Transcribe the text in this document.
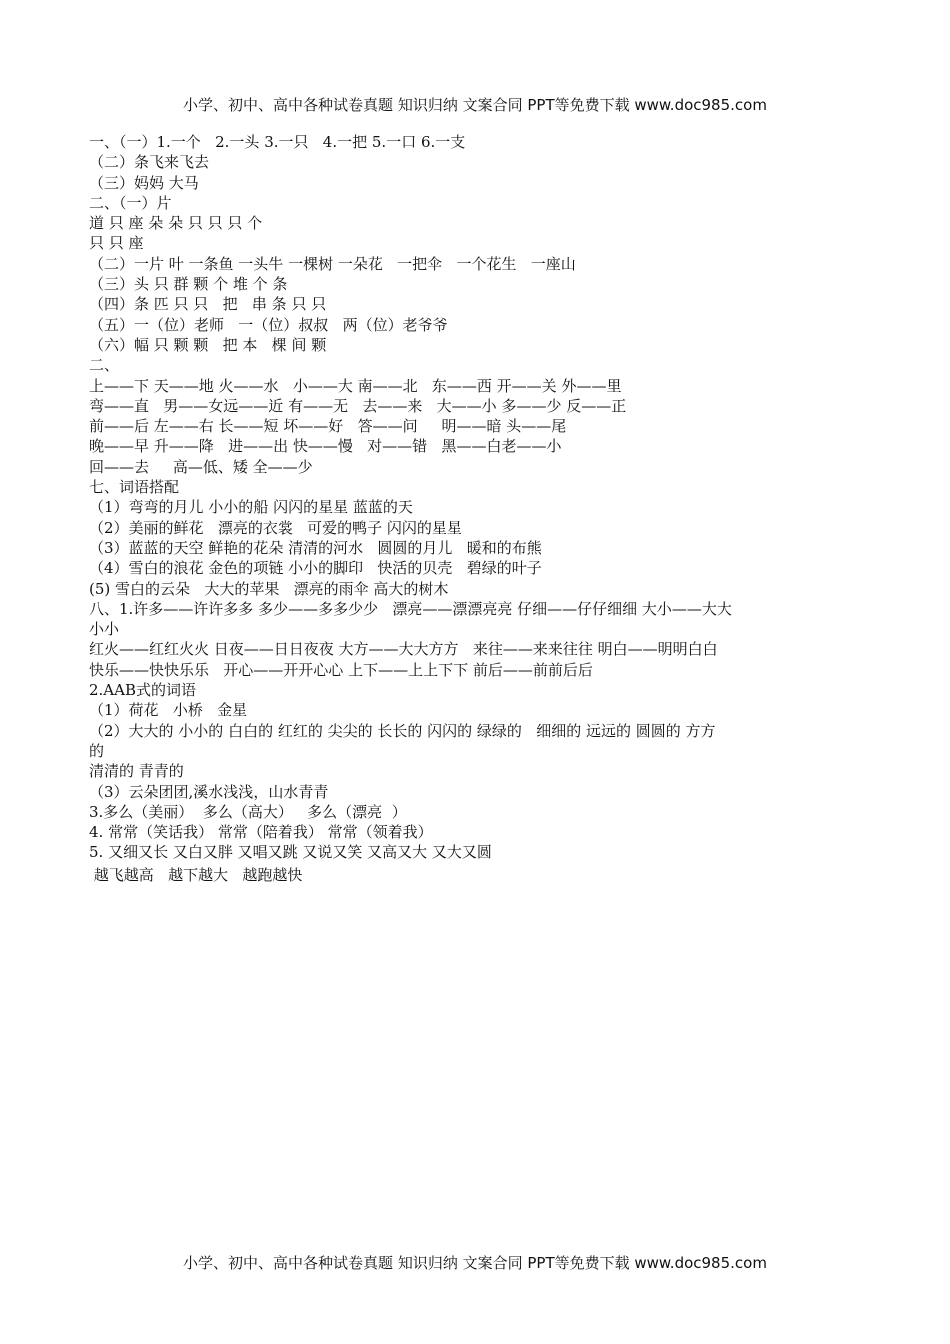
小学、初中、高中各种试卷真题 知识归纳 文案合同 PPT等免费下载 www.doc985.com
一、（一）1.一个   2.一头 3.一只   4.一把 5.一口 6.一支
（二）条飞来飞去
（三）妈妈 大马
二、（一）片
道 只 座 朵 朵 只 只 只 个
只 只 座
（二）一片 叶 一条鱼 一头牛 一棵树 一朵花   一把伞   一个花生   一座山
（三）头 只 群 颗 个 堆 个 条
（四）条 匹 只 只   把   串 条 只 只
（五）一（位）老师   一（位）叔叔   两（位）老爷爷
（六）幅 只 颗 颗   把 本   棵 间 颗
二、
上——下 天——地 火——水   小——大 南——北   东——西 开——关 外——里
弯——直   男——女远——近 有——无   去——来   大——小 多——少 反——正
前——后 左——右 长——短 坏——好   答——问     明——暗 头——尾
晚——早 升——降   进——出 快——慢   对——错   黑——白老——小
回——去     高—低、矮 全——少
七、词语搭配
（1）弯弯的月儿 小小的船 闪闪的星星 蓝蓝的天
（2）美丽的鲜花   漂亮的衣裳   可爱的鸭子 闪闪的星星
（3）蓝蓝的天空 鲜艳的花朵 清清的河水   圆圆的月儿   暖和的布熊
（4）雪白的浪花 金色的项链 小小的脚印   快活的贝壳   碧绿的叶子
(5) 雪白的云朵   大大的苹果   漂亮的雨伞 高大的树木
八、1.许多——许许多多 多少——多多少少   漂亮——漂漂亮亮 仔细——仔仔细细 大小——大大
小小
红火——红红火火 日夜——日日夜夜 大方——大大方方   来往——来来往往 明白——明明白白
快乐——快快乐乐   开心——开开心心 上下——上上下下 前后——前前后后
2.AAB式的词语
（1）荷花   小桥   金星
（2）大大的 小小的 白白的 红红的 尖尖的 长长的 闪闪的 绿绿的   细细的 远远的 圆圆的 方方
的
清清的 青青的
（3）云朵团团,溪水浅浅，山水青青
3.多么（美丽）  多么（高大）   多么（漂亮  ）
4. 常常（笑话我） 常常（陪着我） 常常（领着我）
5. 又细又长 又白又胖 又唱又跳 又说又笑 又高又大 又大又圆
越飞越高   越下越大   越跑越快
小学、初中、高中各种试卷真题 知识归纳 文案合同 PPT等免费下载 www.doc985.com
